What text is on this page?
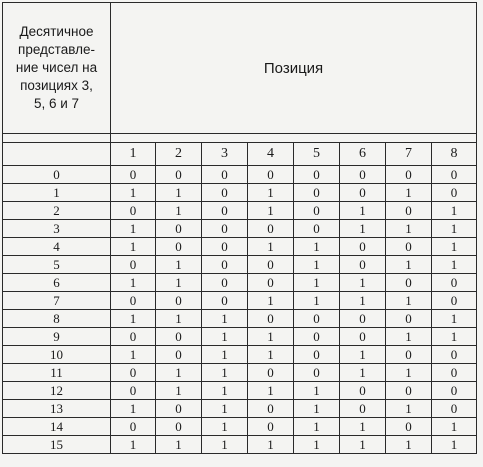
Десятичное
представле-
ние чисел на
позициях 3,
5, 6 и 7	Позиция							

	1	2	3	4	5	6	7	8
0	0	0	0	0	0	0	0	0
1	1	1	0	1	0	0	1	0
2	0	1	0	1	0	1	0	1
3	1	0	0	0	0	1	1	1
4	1	0	0	1	1	0	0	1
5	0	1	0	0	1	0	1	1
6	1	1	0	0	1	1	0	0
7	0	0	0	1	1	1	1	0
8	1	1	1	0	0	0	0	1
9	0	0	1	1	0	0	1	1
10	1	0	1	1	0	1	0	0
11	0	1	1	0	0	1	1	0
12	0	1	1	1	1	0	0	0
13	1	0	1	0	1	0	1	0
14	0	0	1	0	1	1	0	1
15	1	1	1	1	1	1	1	1
